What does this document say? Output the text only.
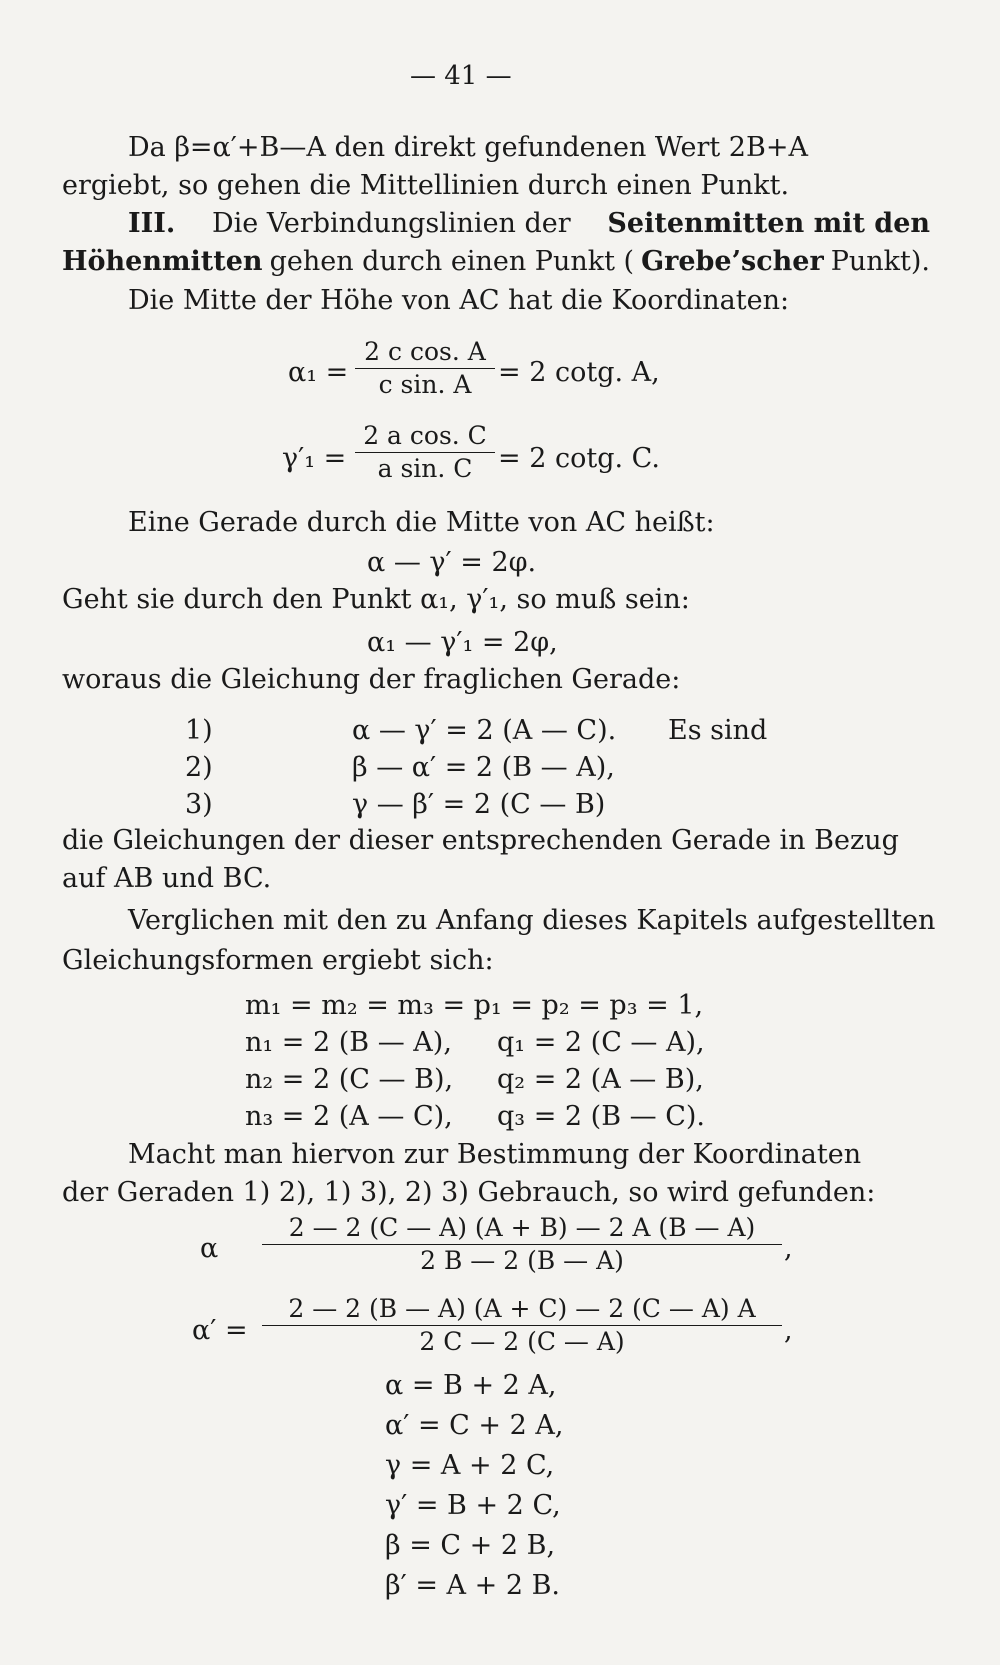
— 41 —
Da β=α′+B—A den direkt gefundenen Wert 2B+A
ergiebt, so gehen die Mittellinien durch einen Punkt.
III. Die Verbindungslinien der Seitenmitten mit den
Höhenmitten gehen durch einen Punkt ( Grebe’scher Punkt).
Die Mitte der Höhe von AC hat die Koordinaten:
$\alpha_1 = \frac{\text{2 c cos. A}}{\text{c sin. A}} = 2$ cotg. A,
$\gamma'_1 = \frac{\text{2 a cos. C}}{\text{a sin. C}} = 2$ cotg. C.
Eine Gerade durch die Mitte von AC heißt:
α — γ′ = 2φ.
Geht sie durch den Punkt α₁, γ′₁, so muß sein:
α₁ — γ′₁ = 2φ,
woraus die Gleichung der fraglichen Gerade:
1)	α — γ′ = 2 (A — C). Es sind
2)	β — α′ = 2 (B — A),
3)	γ — β′ = 2 (C — B)
die Gleichungen der dieser entsprechenden Gerade in Bezug
auf AB und BC.
Verglichen mit den zu Anfang dieses Kapitels aufgestellten
Gleichungsformen ergiebt sich:
m₁ = m₂ = m₃ = p₁ = p₂ = p₃ = 1,
n₁ = 2 (B — A), q₁ = 2 (C — A),
n₂ = 2 (C — B), q₂ = 2 (A — B),
n₃ = 2 (A — C), q₃ = 2 (B — C).
Macht man hiervon zur Bestimmung der Koordinaten
der Geraden 1) 2), 1) 3), 2) 3) Gebrauch, so wird gefunden:
α $\frac{2 — 2 (C — A) (A + B) — 2 A (B — A)}{2 B — 2 (B — A)}$ ,
$\alpha' = \frac{2 — 2 (B — A) (A + C) — 2 (C — A) A}{2 C — 2 (C — A)}$ ,
α = B + 2 A,
α′ = C + 2 A,
γ = A + 2 C,
γ′ = B + 2 C,
β = C + 2 B,
β′ = A + 2 B.
